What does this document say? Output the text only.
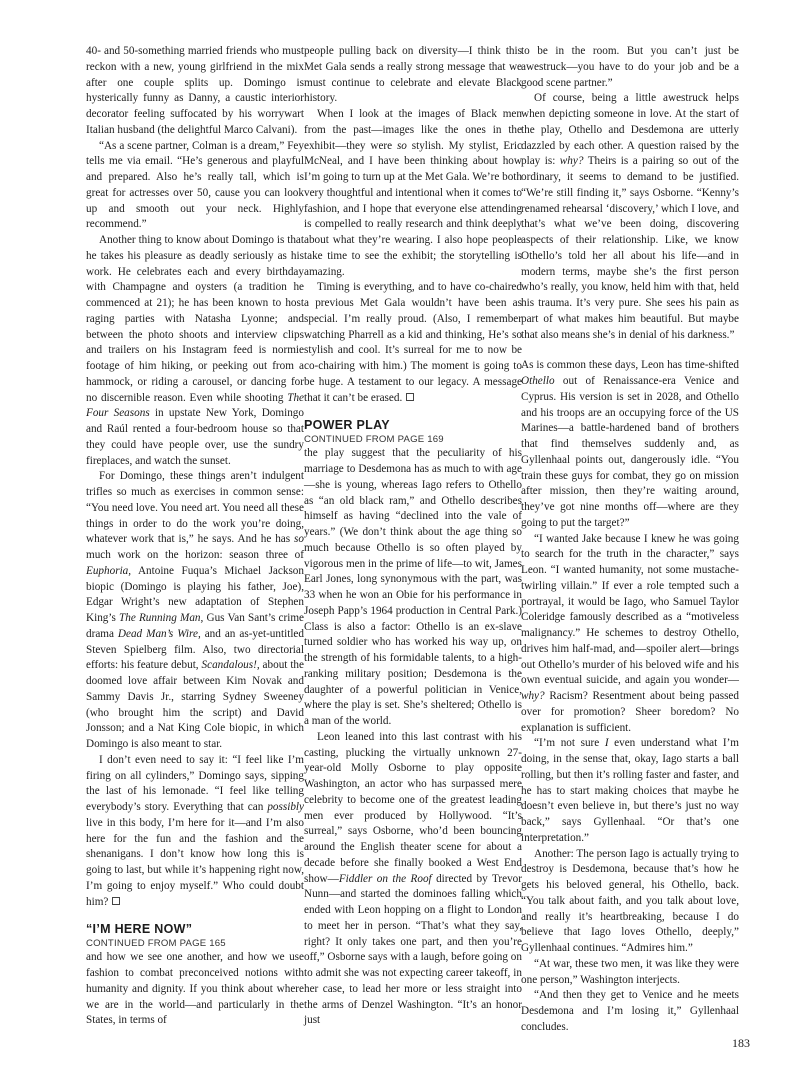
40- and 50-something married friends who must reckon with a new, young girlfriend in the mix after one couple splits up. Domingo is hysterically funny as Danny, a caustic interior decorator feeling suffocated by his worrywart Italian husband (the delightful Marco Calvani).

“As a scene partner, Colman is a dream,” Fey tells me via email. “He’s generous and playful and prepared. Also he’s really tall, which is great for actresses over 50, cause you can look up and smooth out your neck. Highly recommend.”

Another thing to know about Domingo is that he takes his pleasure as deadly seriously as his work. He celebrates each and every birthday with Champagne and oysters (a tradition he commenced at 21); he has been known to host raging parties with Natasha Lyonne; and between the photo shoots and interview clips and trailers on his Instagram feed is normie footage of him hiking, or peeking out from a hammock, or riding a carousel, or dancing for no discernible reason. Even while shooting The Four Seasons in upstate New York, Domingo and Raúl rented a four-bedroom house so that they could have people over, use the sundry fireplaces, and watch the sunset.

For Domingo, these things aren’t indulgent trifles so much as exercises in common sense: “You need love. You need art. You need all these things in order to do the work you’re doing, whatever work that is,” he says. And he has so much work on the horizon: season three of Euphoria, Antoine Fuqua’s Michael Jackson biopic (Domingo is playing his father, Joe), Edgar Wright’s new adaptation of Stephen King’s The Running Man, Gus Van Sant’s crime drama Dead Man’s Wire, and an as-yet-untitled Steven Spielberg film. Also, two directorial efforts: his feature debut, Scandalous!, about the doomed love affair between Kim Novak and Sammy Davis Jr., starring Sydney Sweeney (who brought him the script) and David Jonsson; and a Nat King Cole biopic, in which Domingo is also meant to star.

I don’t even need to say it: “I feel like I’m firing on all cylinders,” Domingo says, sipping the last of his lemonade. “I feel like telling everybody’s story. Everything that can possibly live in this body, I’m here for it—and I’m also here for the fun and the fashion and the shenanigans. I don’t know how long this is going to last, but while it’s happening right now, I’m going to enjoy myself.” Who could doubt him?

“I’M HERE NOW”
CONTINUED FROM PAGE 165

and how we see one another, and how we use fashion to combat preconceived notions with humanity and dignity. If you think about where we are in the world—and particularly in the States, in terms of

people pulling back on diversity—I think this Met Gala sends a really strong message that we must continue to celebrate and elevate Black history.

When I look at the images of Black men from the past—images like the ones in the exhibit—they were so stylish. My stylist, Eric McNeal, and I have been thinking about how I’m going to turn up at the Met Gala. We’re both very thoughtful and intentional when it comes to fashion, and I hope that everyone else attending is compelled to really research and think deeply about what they’re wearing. I also hope people take time to see the exhibit; the storytelling is amazing.

Timing is everything, and to have co-chaired a previous Met Gala wouldn’t have been as special. I’m really proud. (Also, I remember watching Pharrell as a kid and thinking, He’s so stylish and cool. It’s surreal for me to now be co-chairing with him.) The moment is going to be huge. A testament to our legacy. A message that it can’t be erased.

POWER PLAY
CONTINUED FROM PAGE 169

the play suggest that the peculiarity of his marriage to Desdemona has as much to with age—she is young, whereas Iago refers to Othello as “an old black ram,” and Othello describes himself as having “declined into the vale of years.” (We don’t think about the age thing so much because Othello is so often played by vigorous men in the prime of life—to wit, James Earl Jones, long synonymous with the part, was 33 when he won an Obie for his performance in Joseph Papp’s 1964 production in Central Park.) Class is also a factor: Othello is an ex-slave turned soldier who has worked his way up, on the strength of his formidable talents, to a high-ranking military position; Desdemona is the daughter of a powerful politician in Venice, where the play is set. She’s sheltered; Othello is a man of the world.

Leon leaned into this last contrast with his casting, plucking the virtually unknown 27-year-old Molly Osborne to play opposite Washington, an actor who has surpassed mere celebrity to become one of the greatest leading men ever produced by Hollywood. “It’s surreal,” says Osborne, who’d been bouncing around the English theater scene for about a decade before she finally booked a West End show—Fiddler on the Roof directed by Trevor Nunn—and started the dominoes falling which ended with Leon hopping on a flight to London to meet her in person. “That’s what they say, right? It only takes one part, and then you’re off,” Osborne says with a laugh, before going on to admit she was not expecting career takeoff, in her case, to lead her more or less straight into the arms of Denzel Washington. “It’s an honor just

to be in the room. But you can’t just be awestruck—you have to do your job and be a good scene partner.”

Of course, being a little awestruck helps when depicting someone in love. At the start of the play, Othello and Desdemona are utterly dazzled by each other. A question raised by the play is: why? Theirs is a pairing so out of the ordinary, it seems to demand to be justified. “We’re still finding it,” says Osborne. “Kenny’s renamed rehearsal ‘discovery,’ which I love, and that’s what we’ve been doing, discovering aspects of their relationship. Like, we know Othello’s told her all about his life—and in modern terms, maybe she’s the first person who’s really, you know, held him with that, held his trauma. It’s very pure. She sees his pain as part of what makes him beautiful. But maybe that also means she’s in denial of his darkness.”

As is common these days, Leon has time-shifted Othello out of Renaissance-era Venice and Cyprus. His version is set in 2028, and Othello and his troops are an occupying force of the US Marines—a battle-hardened band of brothers that find themselves suddenly and, as Gyllenhaal points out, dangerously idle. “You train these guys for combat, they go on mission after mission, then they’re waiting around, they’ve got nine months off—where are they going to put the target?”

“I wanted Jake because I knew he was going to search for the truth in the character,” says Leon. “I wanted humanity, not some mustache-twirling villain.” If ever a role tempted such a portrayal, it would be Iago, who Samuel Taylor Coleridge famously described as a “motiveless malignancy.” He schemes to destroy Othello, drives him half-mad, and—spoiler alert—brings out Othello’s murder of his beloved wife and his own eventual suicide, and again you wonder—why? Racism? Resentment about being passed over for promotion? Sheer boredom? No explanation is sufficient.

“I’m not sure I even understand what I’m doing, in the sense that, okay, Iago starts a ball rolling, but then it’s rolling faster and faster, and he has to start making choices that maybe he doesn’t even believe in, but there’s just no way back,” says Gyllenhaal. “Or that’s one interpretation.”

Another: The person Iago is actually trying to destroy is Desdemona, because that’s how he gets his beloved general, his Othello, back. “You talk about faith, and you talk about love, and really it’s heartbreaking, because I do believe that Iago loves Othello, deeply,” Gyllenhaal continues. “Admires him.”

“At war, these two men, it was like they were one person,” Washington interjects.

“And then they get to Venice and he meets Desdemona and I’m losing it,” Gyllenhaal concludes.

183
